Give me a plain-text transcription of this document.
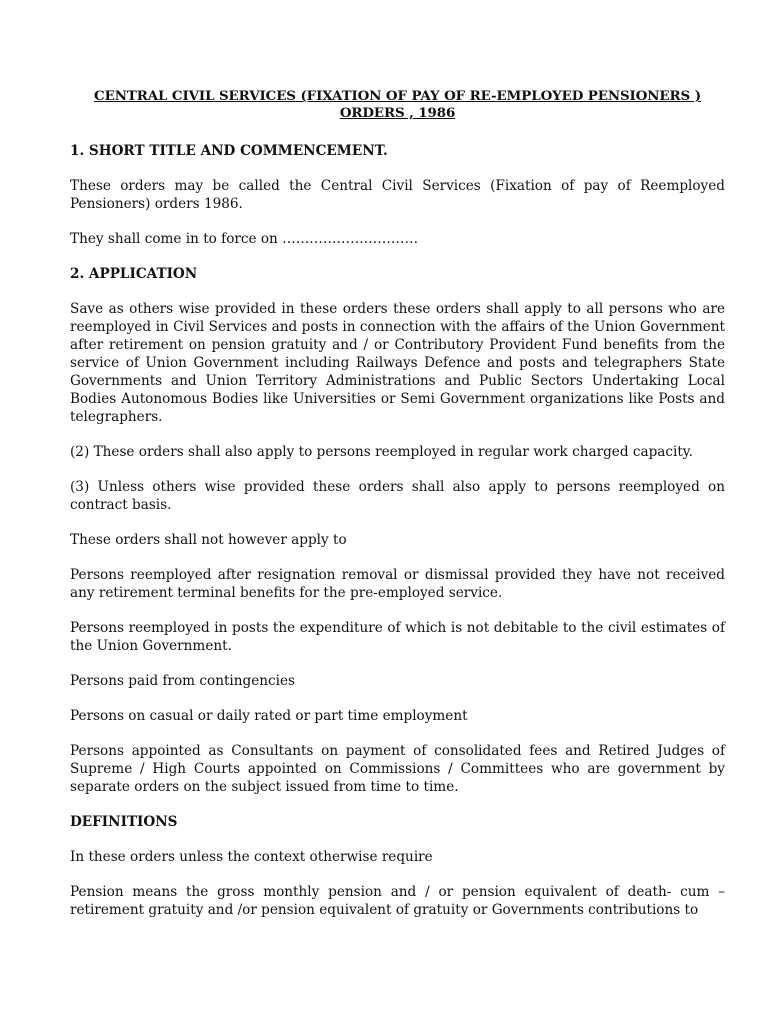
CENTRAL CIVIL SERVICES (FIXATION OF PAY OF RE-EMPLOYED PENSIONERS )
ORDERS , 1986
1. SHORT TITLE AND COMMENCEMENT.

These orders may be called the Central Civil Services (Fixation of pay of Reemployed Pensioners) orders 1986.

They shall come in to force on …………………………

2. APPLICATION

Save as others wise provided in these orders these orders shall apply to all persons who are reemployed in Civil Services and posts in connection with the affairs of the Union Government after retirement on pension gratuity and / or Contributory Provident Fund benefits from the service of Union Government including Railways Defence and posts and telegraphers State Governments and Union Territory Administrations and Public Sectors Undertaking Local Bodies Autonomous Bodies like Universities or Semi Government organizations like Posts and telegraphers.

(2) These orders shall also apply to persons reemployed in regular work charged capacity.

(3) Unless others wise provided these orders shall also apply to persons reemployed on contract basis.

These orders shall not however apply to

Persons reemployed after resignation removal or dismissal provided they have not received any retirement terminal benefits for the pre-employed service.

Persons reemployed in posts the expenditure of which is not debitable to the civil estimates of the Union Government.

Persons paid from contingencies

Persons on casual or daily rated or part time employment

Persons appointed as Consultants on payment of consolidated fees and Retired Judges of Supreme / High Courts appointed on Commissions / Committees who are government by separate orders on the subject issued from time to time.

DEFINITIONS

In these orders unless the context otherwise require

Pension means the gross monthly pension and / or pension equivalent of death- cum –retirement gratuity and /or pension equivalent of gratuity or Governments contributions to
